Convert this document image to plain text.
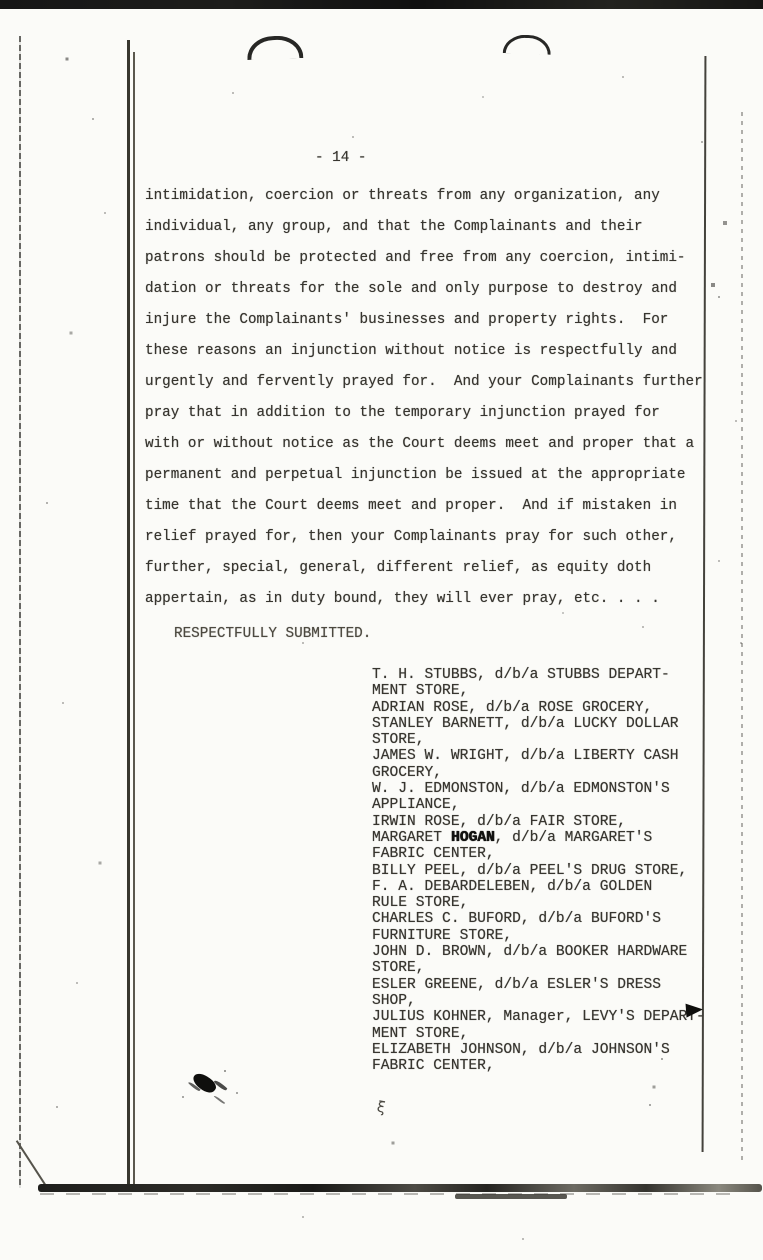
- 14 -
intimidation, coercion or threats from any organization, any
individual, any group, and that the Complainants and their
patrons should be protected and free from any coercion, intimi-
dation or threats for the sole and only purpose to destroy and
injure the Complainants' businesses and property rights.  For
these reasons an injunction without notice is respectfully and
urgently and fervently prayed for.  And your Complainants further
pray that in addition to the temporary injunction prayed for
with or without notice as the Court deems meet and proper that a
permanent and perpetual injunction be issued at the appropriate
time that the Court deems meet and proper.  And if mistaken in
relief prayed for, then your Complainants pray for such other,
further, special, general, different relief, as equity doth
appertain, as in duty bound, they will ever pray, etc. . . .
RESPECTFULLY SUBMITTED.
T. H. STUBBS, d/b/a STUBBS DEPART-
MENT STORE,
ADRIAN ROSE, d/b/a ROSE GROCERY,
STANLEY BARNETT, d/b/a LUCKY DOLLAR
STORE,
JAMES W. WRIGHT, d/b/a LIBERTY CASH
GROCERY,
W. J. EDMONSTON, d/b/a EDMONSTON'S
APPLIANCE,
IRWIN ROSE, d/b/a FAIR STORE,
MARGARET HOGAN, d/b/a MARGARET'S
FABRIC CENTER,
BILLY PEEL, d/b/a PEEL'S DRUG STORE,
F. A. DEBARDELEBEN, d/b/a GOLDEN
RULE STORE,
CHARLES C. BUFORD, d/b/a BUFORD'S
FURNITURE STORE,
JOHN D. BROWN, d/b/a BOOKER HARDWARE
STORE,
ESLER GREENE, d/b/a ESLER'S DRESS
SHOP,
JULIUS KOHNER, Manager, LEVY'S DEPART-
MENT STORE,
ELIZABETH JOHNSON, d/b/a JOHNSON'S
FABRIC CENTER,
ξ
